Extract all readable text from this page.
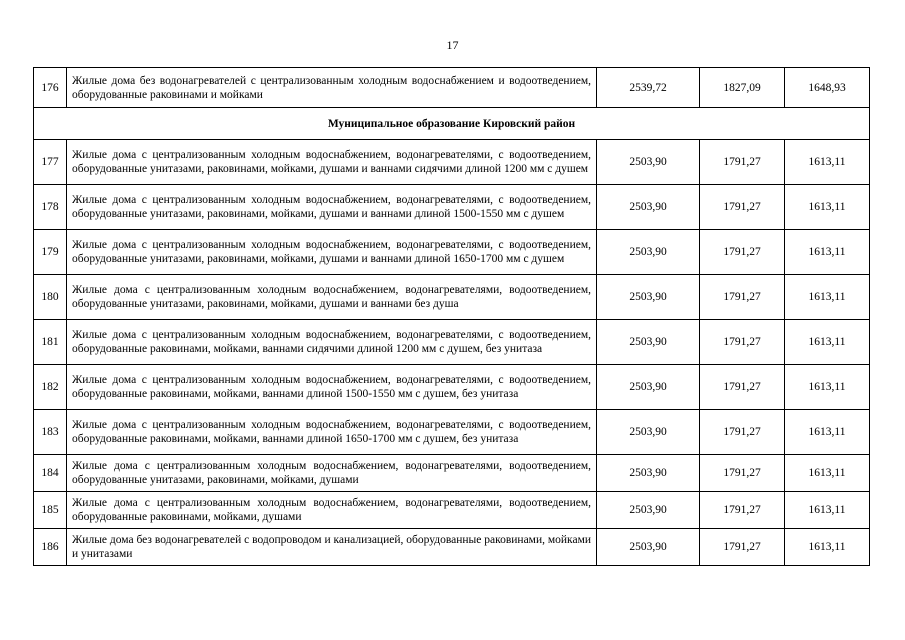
17
176	Жилые дома без водонагревателей с централизованным холодным водоснабжением и водоотведением, оборудованные раковинами и мойками	2539,72	1827,09	1648,93
Муниципальное образование Кировский район				
177	Жилые дома с централизованным холодным водоснабжением, водонагревателями, с водоотведением, оборудованные унитазами, раковинами, мойками, душами и ваннами сидячими длиной 1200 мм с душем	2503,90	1791,27	1613,11
178	Жилые дома с централизованным холодным водоснабжением, водонагревателями, с водоотведением, оборудованные унитазами, раковинами, мойками, душами и ваннами длиной 1500-1550 мм с душем	2503,90	1791,27	1613,11
179	Жилые дома с централизованным холодным водоснабжением, водонагревателями, с водоотведением, оборудованные унитазами, раковинами, мойками, душами и ваннами длиной 1650-1700 мм с душем	2503,90	1791,27	1613,11
180	Жилые дома с централизованным холодным водоснабжением, водонагревателями, водоотведением, оборудованные унитазами, раковинами, мойками, душами и ваннами без душа	2503,90	1791,27	1613,11
181	Жилые дома с централизованным холодным водоснабжением, водонагревателями, с водоотведением, оборудованные раковинами, мойками, ваннами сидячими длиной 1200 мм с душем, без унитаза	2503,90	1791,27	1613,11
182	Жилые дома с централизованным холодным водоснабжением, водонагревателями, с водоотведением, оборудованные раковинами, мойками, ваннами длиной 1500-1550 мм с душем, без унитаза	2503,90	1791,27	1613,11
183	Жилые дома с централизованным холодным водоснабжением, водонагревателями, с водоотведением, оборудованные раковинами, мойками, ваннами длиной 1650-1700 мм с душем, без унитаза	2503,90	1791,27	1613,11
184	Жилые дома с централизованным холодным водоснабжением, водонагревателями, водоотведением, оборудованные унитазами, раковинами, мойками, душами	2503,90	1791,27	1613,11
185	Жилые дома с централизованным холодным водоснабжением, водонагревателями, водоотведением, оборудованные раковинами, мойками, душами	2503,90	1791,27	1613,11
186	Жилые дома без водонагревателей с водопроводом и канализацией, оборудованные раковинами, мойками и унитазами	2503,90	1791,27	1613,11
